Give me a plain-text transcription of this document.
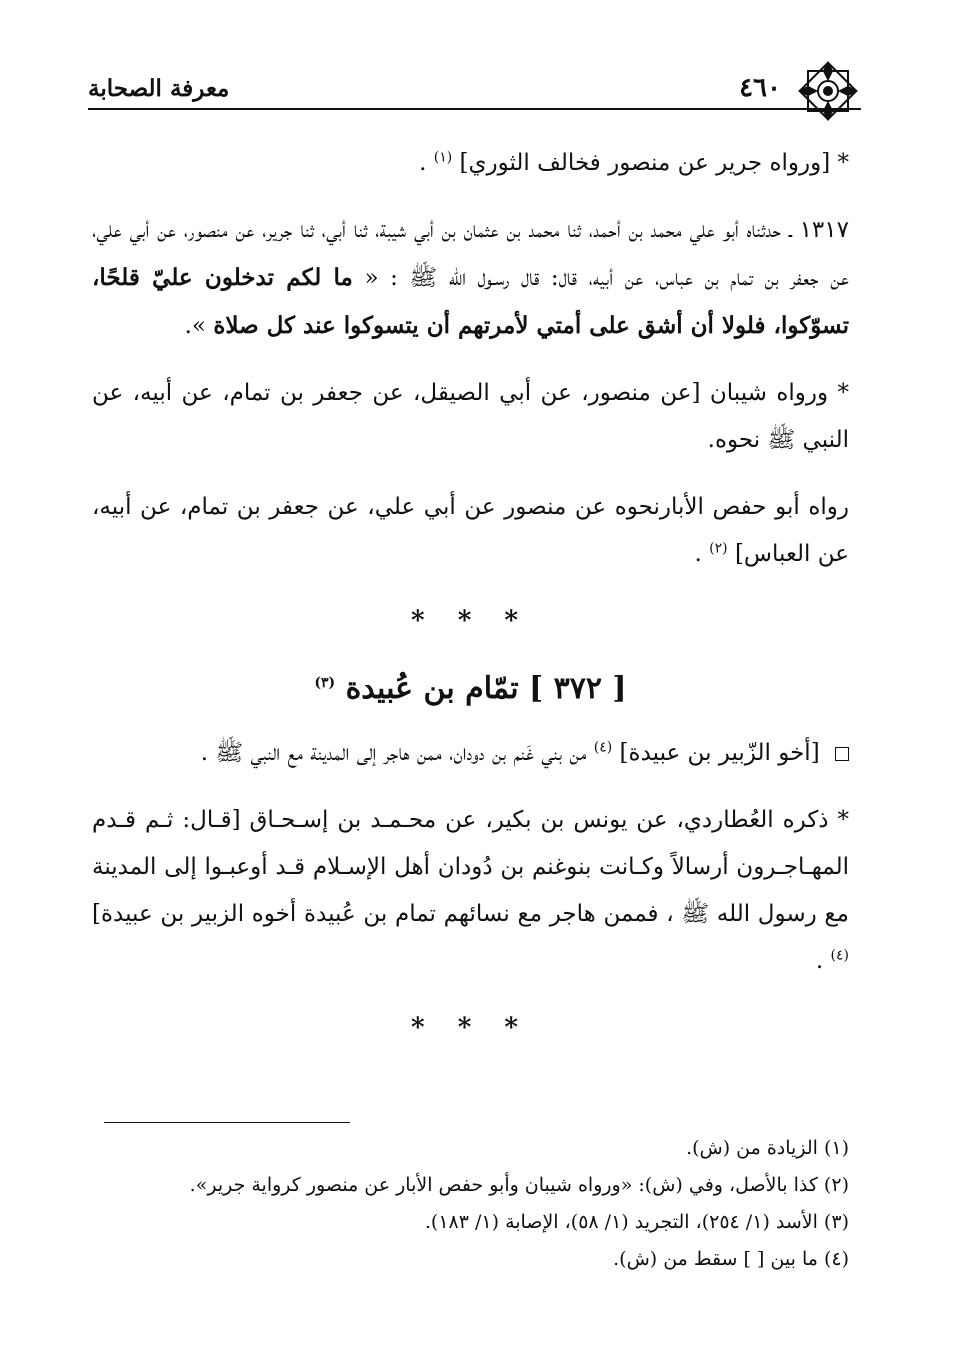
٤٦٠
معرفة الصحابة

* [ورواه جرير عن منصور فخالف الثوري] $^{(١)}$ .

١٣١٧ ـ حدثناه أبو علي محمد بن أحمد، ثنا محمد بن عثمان بن أبي شيبة، ثنا أبي، ثنا جرير، عن منصور، عن أبي علي، عن جعفر بن تمام بن عباس، عن أبيه، قال: قال رسـول الله ﷺ : « ما لكم تدخلون عليّ قلحًا، تسوّكوا، فلولا أن أشق على أمتي لأمرتهم أن يتسوكوا عند كل صلاة ».

* ورواه شيبان [عن منصور، عن أبي الصيقل، عن جعفر بن تمام، عن أبيه، عن النبي ﷺ نحوه.

رواه أبو حفص الأبارنحوه عن منصور عن أبي علي، عن جعفر بن تمام، عن أبيه، عن العباس] $^{(٢)}$ .

* * *
[ ٣٧٢ ] تمّام بن عُبيدة $^{(٣)}$

[أخو الزّبير بن عبيدة] $^{(٤)}$ من بني غَنم بن دودان، ممن هاجر إلى المدينة مع النبي ﷺ .

* ذكره العُطاردي، عن يونس بن بكير، عن محـمـد بن إسـحـاق [قـال: ثـم قـدم المهـاجـرون أرسالاً وكـانت بنوغنم بن دُودان أهل الإسـلام قـد أوعبـوا إلى المدينة مع رسول الله ﷺ ، فممن هاجر مع نسائهم تمام بن عُبيدة أخوه الزبير بن عبيدة] $^{(٤)}$ .

* * *

(١) الزيادة من (ش).

(٢) كذا بالأصل، وفي (ش): «ورواه شيبان وأبو حفص الأبار عن منصور كرواية جرير».

(٣) الأسد (١/ ٢٥٤)، التجريد (١/ ٥٨)، الإصابة (١/ ١٨٣).

(٤) ما بين [ ] سقط من (ش).
